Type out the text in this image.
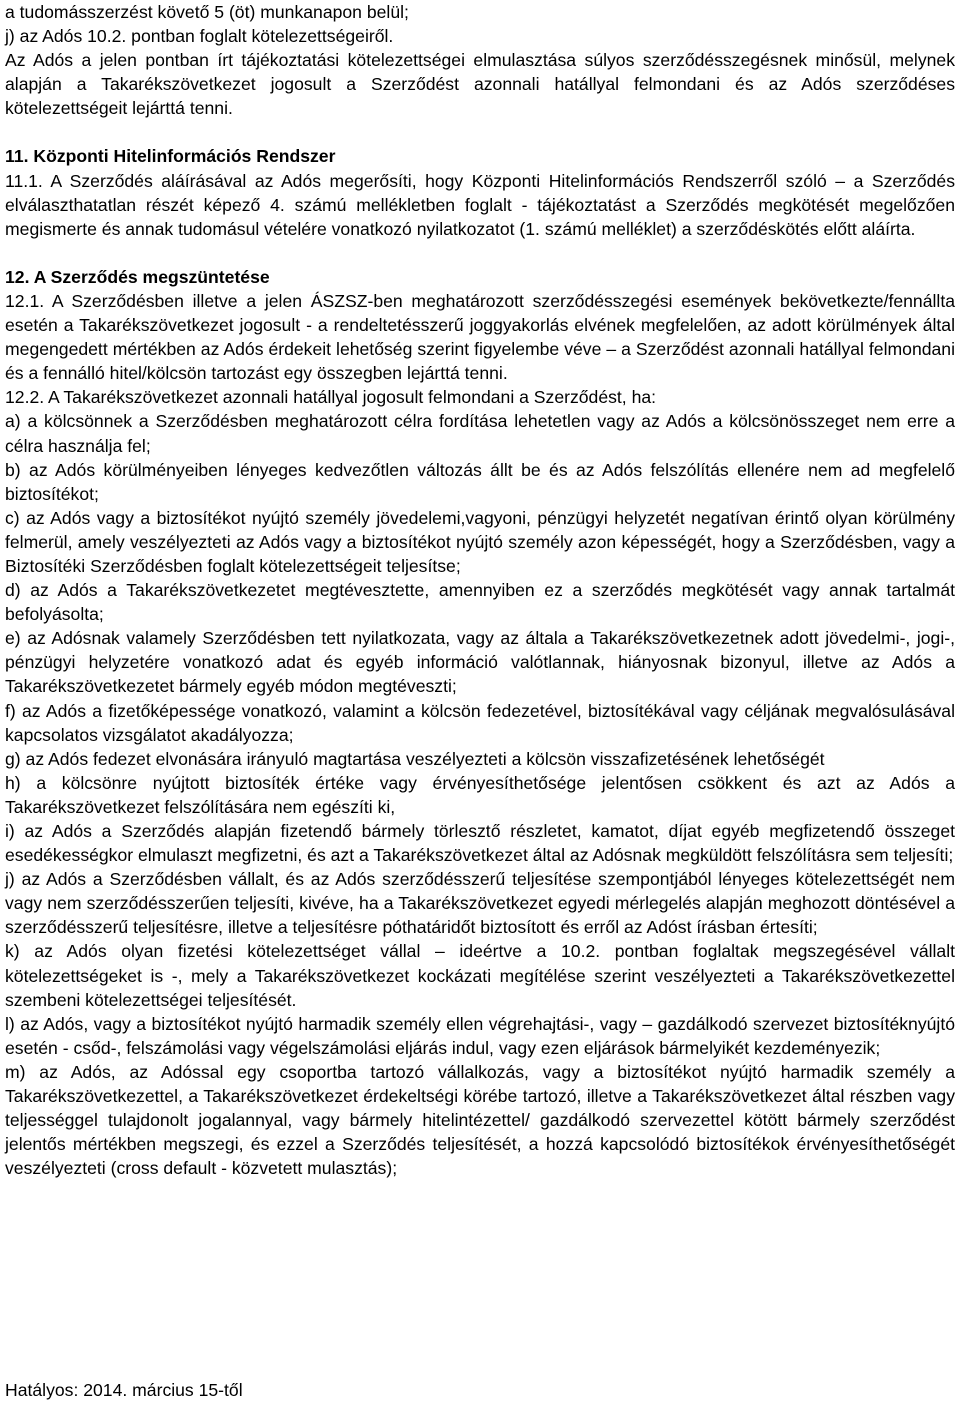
a tudomásszerzést követő 5 (öt) munkanapon belül;

j) az Adós 10.2. pontban foglalt kötelezettségeiről.

Az Adós a jelen pontban írt tájékoztatási kötelezettségei elmulasztása súlyos szerződésszegésnek minősül, melynek alapján a Takarékszövetkezet jogosult a Szerződést azonnali hatállyal felmondani és az Adós szerződéses kötelezettségeit lejárttá tenni.

11. Központi Hitelinformációs Rendszer

11.1. A Szerződés aláírásával az Adós megerősíti, hogy Központi Hitelinformációs Rendszerről szóló – a Szerződés elválaszthatatlan részét képező 4. számú mellékletben foglalt - tájékoztatást a Szerződés megkötését megelőzően megismerte és annak tudomásul vételére vonatkozó nyilatkozatot (1. számú melléklet) a szerződéskötés előtt aláírta.

12. A Szerződés megszüntetése

12.1. A Szerződésben illetve a jelen ÁSZSZ-ben meghatározott szerződésszegési események bekövetkezte/fennállta esetén a Takarékszövetkezet jogosult - a rendeltetésszerű joggyakorlás elvének megfelelően, az adott körülmények által megengedett mértékben az Adós érdekeit lehetőség szerint figyelembe véve – a Szerződést azonnali hatállyal felmondani és a fennálló hitel/kölcsön tartozást egy összegben lejárttá tenni.

12.2. A Takarékszövetkezet azonnali hatállyal jogosult felmondani a Szerződést, ha:

a) a kölcsönnek a Szerződésben meghatározott célra fordítása lehetetlen vagy az Adós a kölcsönösszeget nem erre a célra használja fel;

b) az Adós körülményeiben lényeges kedvezőtlen változás állt be és az Adós felszólítás ellenére nem ad megfelelő biztosítékot;

c) az Adós vagy a biztosítékot nyújtó személy jövedelemi,vagyoni, pénzügyi helyzetét negatívan érintő olyan körülmény felmerül, amely veszélyezteti az Adós vagy a biztosítékot nyújtó személy azon képességét, hogy a Szerződésben, vagy a Biztosítéki Szerződésben foglalt kötelezettségeit teljesítse;

d) az Adós a Takarékszövetkezetet megtévesztette, amennyiben ez a szerződés megkötését vagy annak tartalmát befolyásolta;

e) az Adósnak valamely Szerződésben tett nyilatkozata, vagy az általa a Takarékszövetkezetnek adott jövedelmi-, jogi-, pénzügyi helyzetére vonatkozó adat és egyéb információ valótlannak, hiányosnak bizonyul, illetve az Adós a Takarékszövetkezetet bármely egyéb módon megtéveszti;

f) az Adós a fizetőképessége vonatkozó, valamint a kölcsön fedezetével, biztosítékával vagy céljának megvalósulásával kapcsolatos vizsgálatot akadályozza;

g) az Adós fedezet elvonására irányuló magtartása veszélyezteti a kölcsön visszafizetésének lehetőségét

h) a kölcsönre nyújtott biztosíték értéke vagy érvényesíthetősége jelentősen csökkent és azt az Adós a Takarékszövetkezet felszólítására nem egészíti ki,

i) az Adós a Szerződés alapján fizetendő bármely törlesztő részletet, kamatot, díjat egyéb megfizetendő összeget esedékességkor elmulaszt megfizetni, és azt a Takarékszövetkezet által az Adósnak megküldött felszólításra sem teljesíti;

j) az Adós a Szerződésben vállalt, és az Adós szerződésszerű teljesítése szempontjából lényeges kötelezettségét nem vagy nem szerződésszerűen teljesíti, kivéve, ha a Takarékszövetkezet egyedi mérlegelés alapján meghozott döntésével a szerződésszerű teljesítésre, illetve a teljesítésre póthatáridőt biztosított és erről az Adóst írásban értesíti;

k) az Adós olyan fizetési kötelezettséget vállal – ideértve a 10.2. pontban foglaltak megszegésével vállalt kötelezettségeket is -, mely a Takarékszövetkezet kockázati megítélése szerint veszélyezteti a Takarékszövetkezettel szembeni kötelezettségei teljesítését.

l) az Adós, vagy a biztosítékot nyújtó harmadik személy ellen végrehajtási-, vagy – gazdálkodó szervezet biztosítéknyújtó esetén - csőd-, felszámolási vagy végelszámolási eljárás indul, vagy ezen eljárások bármelyikét kezdeményezik;

m) az Adós, az Adóssal egy csoportba tartozó vállalkozás, vagy a biztosítékot nyújtó harmadik személy a Takarékszövetkezettel, a Takarékszövetkezet érdekeltségi körébe tartozó, illetve a Takarékszövetkezet által részben vagy teljességgel tulajdonolt jogalannyal, vagy bármely hitelintézettel/ gazdálkodó szervezettel kötött bármely szerződést jelentős mértékben megszegi, és ezzel a Szerződés teljesítését, a hozzá kapcsolódó biztosítékok érvényesíthetőségét veszélyezteti (cross default - közvetett mulasztás);

Hatályos: 2014. március 15-től
